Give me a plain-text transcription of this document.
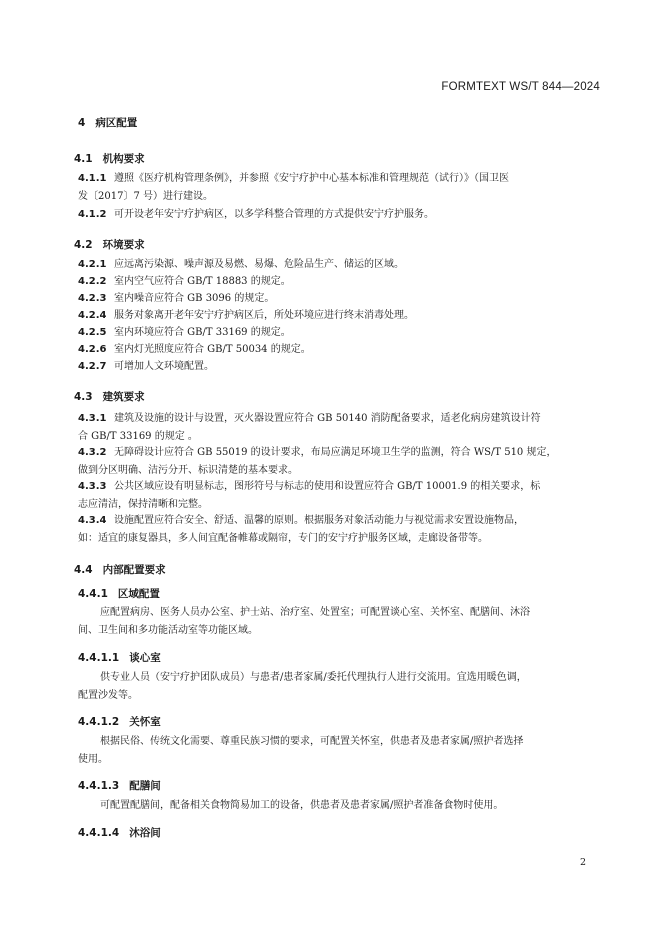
FORMTEXT WS/T 844—2024
4 病区配置
4.1 机构要求
4.1.1 遵照《医疗机构管理条例》，并参照《安宁疗护中心基本标准和管理规范（试行）》（国卫医
发〔2017〕7 号）进行建设。
4.1.2 可开设老年安宁疗护病区，以多学科整合管理的方式提供安宁疗护服务。
4.2 环境要求
4.2.1 应远离污染源、噪声源及易燃、易爆、危险品生产、储运的区域。
4.2.2 室内空气应符合 GB/T 18883 的规定。
4.2.3 室内噪音应符合 GB 3096 的规定。
4.2.4 服务对象离开老年安宁疗护病区后，所处环境应进行终末消毒处理。
4.2.5 室内环境应符合 GB/T 33169 的规定。
4.2.6 室内灯光照度应符合 GB/T 50034 的规定。
4.2.7 可增加人文环境配置。
4.3 建筑要求
4.3.1 建筑及设施的设计与设置，灭火器设置应符合 GB 50140 消防配备要求，适老化病房建筑设计符
合 GB/T 33169 的规定 。
4.3.2 无障碍设计应符合 GB 55019 的设计要求，布局应满足环境卫生学的监测，符合 WS/T 510 规定，
做到分区明确、洁污分开、标识清楚的基本要求。
4.3.3 公共区域应设有明显标志，图形符号与标志的使用和设置应符合 GB/T 10001.9 的相关要求，标
志应清洁，保持清晰和完整。
4.3.4 设施配置应符合安全、舒适、温馨的原则。根据服务对象活动能力与视觉需求安置设施物品，
如：适宜的康复器具，多人间宜配备帷幕或隔帘，专门的安宁疗护服务区域，走廊设备带等。
4.4 内部配置要求
4.4.1 区域配置
应配置病房、医务人员办公室、护士站、治疗室、处置室；可配置谈心室、关怀室、配膳间、沐浴
间、卫生间和多功能活动室等功能区域。
4.4.1.1 谈心室
供专业人员（安宁疗护团队成员）与患者/患者家属/委托代理执行人进行交流用。宜选用暖色调，
配置沙发等。
4.4.1.2 关怀室
根据民俗、传统文化需要、尊重民族习惯的要求，可配置关怀室，供患者及患者家属/照护者选择
使用。
4.4.1.3 配膳间
可配置配膳间，配备相关食物简易加工的设备，供患者及患者家属/照护者准备食物时使用。
4.4.1.4 沐浴间
2
